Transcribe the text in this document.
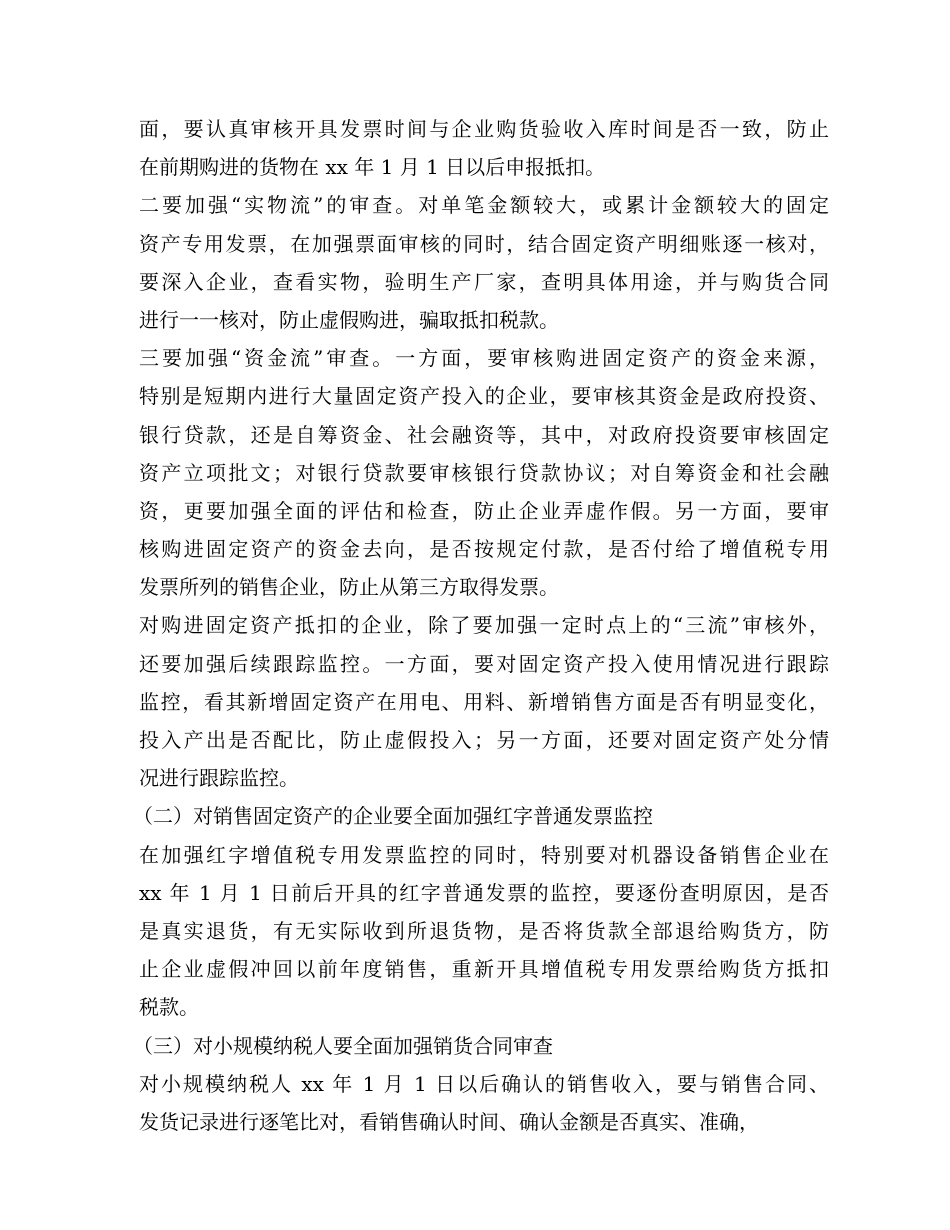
面，要认真审核开具发票时间与企业购货验收入库时间是否一致，防止
在前期购进的货物在 xx 年 1 月 1 日以后申报抵扣。
二要加强“实物流”的审查。对单笔金额较大，或累计金额较大的固定
资产专用发票，在加强票面审核的同时，结合固定资产明细账逐一核对，
要深入企业，查看实物，验明生产厂家，查明具体用途，并与购货合同
进行一一核对，防止虚假购进，骗取抵扣税款。
三要加强“资金流”审查。一方面，要审核购进固定资产的资金来源，
特别是短期内进行大量固定资产投入的企业，要审核其资金是政府投资、
银行贷款，还是自筹资金、社会融资等，其中，对政府投资要审核固定
资产立项批文；对银行贷款要审核银行贷款协议；对自筹资金和社会融
资，更要加强全面的评估和检查，防止企业弄虚作假。另一方面，要审
核购进固定资产的资金去向，是否按规定付款，是否付给了增值税专用
发票所列的销售企业，防止从第三方取得发票。
对购进固定资产抵扣的企业，除了要加强一定时点上的“三流”审核外，
还要加强后续跟踪监控。一方面，要对固定资产投入使用情况进行跟踪
监控，看其新增固定资产在用电、用料、新增销售方面是否有明显变化，
投入产出是否配比，防止虚假投入；另一方面，还要对固定资产处分情
况进行跟踪监控。
（二）对销售固定资产的企业要全面加强红字普通发票监控
在加强红字增值税专用发票监控的同时，特别要对机器设备销售企业在
xx 年 1 月 1 日前后开具的红字普通发票的监控，要逐份查明原因，是否
是真实退货，有无实际收到所退货物，是否将货款全部退给购货方，防
止企业虚假冲回以前年度销售，重新开具增值税专用发票给购货方抵扣
税款。
（三）对小规模纳税人要全面加强销货合同审查
对小规模纳税人 xx 年 1 月 1 日以后确认的销售收入，要与销售合同、
发货记录进行逐笔比对，看销售确认时间、确认金额是否真实、准确，
